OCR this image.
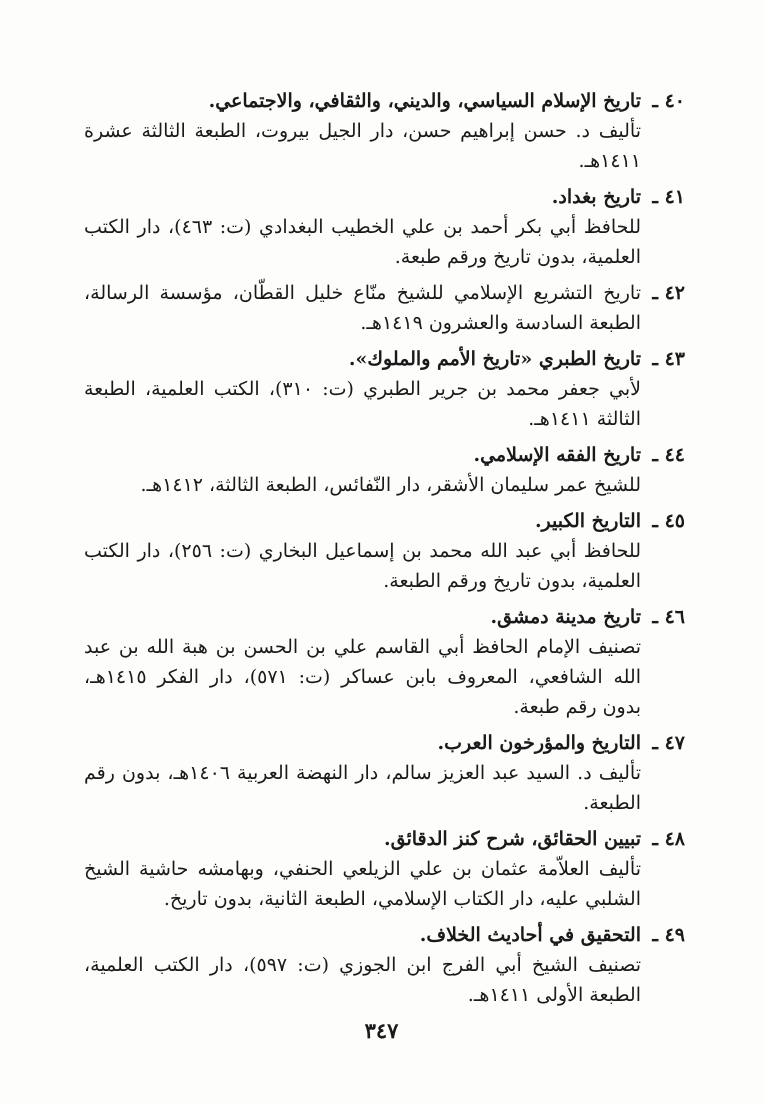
٤٠ ـ

تاريخ الإسلام السياسي، والديني، والثقافي، والاجتماعي.

تأليف د. حسن إبراهيم حسن، دار الجيل بيروت، الطبعة الثالثة عشرة ١٤١١هـ.

٤١ ـ

تاريخ بغداد.

للحافظ أبي بكر أحمد بن علي الخطيب البغدادي (ت: ٤٦٣)، دار الكتب العلمية، بدون تاريخ ورقم طبعة.

٤٢ ـ

تاريخ التشريع الإسلامي للشيخ منّاع خليل القطّان، مؤسسة الرسالة، الطبعة السادسة والعشرون ١٤١٩هـ.

٤٣ ـ

تاريخ الطبري «تاريخ الأمم والملوك».

لأبي جعفر محمد بن جرير الطبري (ت: ٣١٠)، الكتب العلمية، الطبعة الثالثة ١٤١١هـ.

٤٤ ـ

تاريخ الفقه الإسلامي.

للشيخ عمر سليمان الأشقر، دار النّفائس، الطبعة الثالثة، ١٤١٢هـ.

٤٥ ـ

التاريخ الكبير.

للحافظ أبي عبد الله محمد بن إسماعيل البخاري (ت: ٢٥٦)، دار الكتب العلمية، بدون تاريخ ورقم الطبعة.

٤٦ ـ

تاريخ مدينة دمشق.

تصنيف الإمام الحافظ أبي القاسم علي بن الحسن بن هبة الله بن عبد الله الشافعي، المعروف بابن عساكر (ت: ٥٧١)، دار الفكر ١٤١٥هـ، بدون رقم طبعة.

٤٧ ـ

التاريخ والمؤرخون العرب.

تأليف د. السيد عبد العزيز سالم، دار النهضة العربية ١٤٠٦هـ، بدون رقم الطبعة.

٤٨ ـ

تبيين الحقائق، شرح كنز الدقائق.

تأليف العلاّمة عثمان بن علي الزيلعي الحنفي، وبهامشه حاشية الشيخ الشلبي عليه، دار الكتاب الإسلامي، الطبعة الثانية، بدون تاريخ.

٤٩ ـ

التحقيق في أحاديث الخلاف.

تصنيف الشيخ أبي الفرج ابن الجوزي (ت: ٥٩٧)، دار الكتب العلمية، الطبعة الأولى ١٤١١هـ.

٣٤٧
